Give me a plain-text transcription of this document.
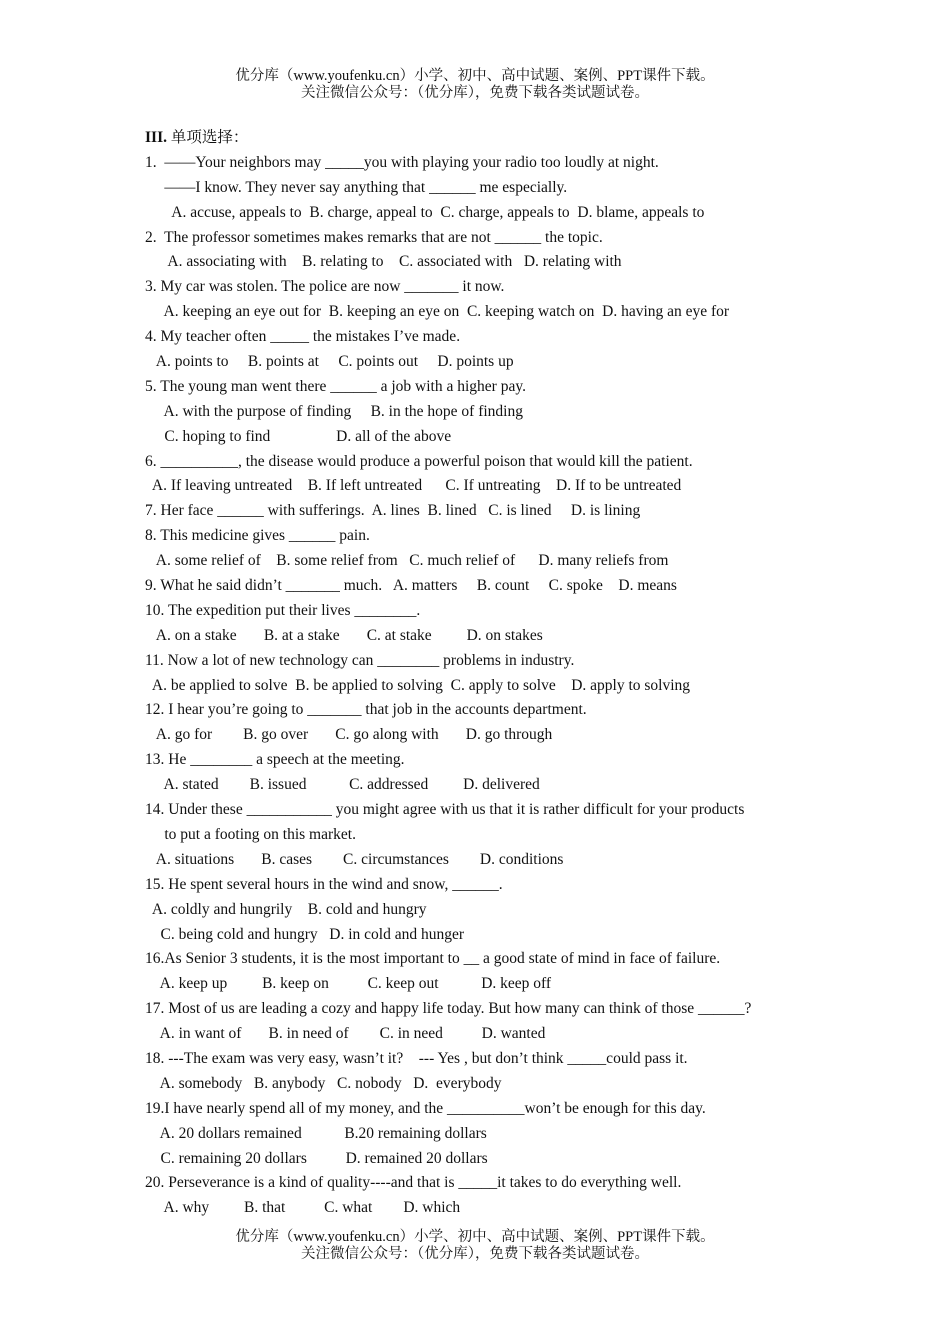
优分库（www.youfenku.cn）小学、初中、高中试题、案例、PPT课件下载。
关注微信公众号：（优分库），免费下载各类试题试卷。
III. 单项选择：
1.  ——Your neighbors may _____you with playing your radio too loudly at night.
——I know. They never say anything that ______ me especially.
A. accuse, appeals to  B. charge, appeal to  C. charge, appeals to  D. blame, appeals to
2.  The professor sometimes makes remarks that are not ______ the topic.
A. associating with    B. relating to    C. associated with   D. relating with
3. My car was stolen. The police are now _______ it now.
A. keeping an eye out for  B. keeping an eye on  C. keeping watch on  D. having an eye for
4. My teacher often _____ the mistakes I’ve made.
A. points to     B. points at     C. points out     D. points up
5. The young man went there ______ a job with a higher pay.
A. with the purpose of finding     B. in the hope of finding
C. hoping to find                 D. all of the above
6. __________, the disease would produce a powerful poison that would kill the patient.
A. If leaving untreated    B. If left untreated      C. If untreating    D. If to be untreated
7. Her face ______ with sufferings.  A. lines  B. lined   C. is lined     D. is lining
8. This medicine gives ______ pain.
A. some relief of    B. some relief from   C. much relief of      D. many reliefs from
9. What he said didn’t _______ much.   A. matters     B. count     C. spoke    D. means
10. The expedition put their lives ________.
A. on a stake       B. at a stake       C. at stake         D. on stakes
11. Now a lot of new technology can ________ problems in industry.
A. be applied to solve  B. be applied to solving  C. apply to solve    D. apply to solving
12. I hear you’re going to _______ that job in the accounts department.
A. go for        B. go over       C. go along with       D. go through
13. He ________ a speech at the meeting.
A. stated        B. issued           C. addressed         D. delivered
14. Under these ___________ you might agree with us that it is rather difficult for your products
to put a footing on this market.
A. situations       B. cases        C. circumstances        D. conditions
15. He spent several hours in the wind and snow, ______.
A. coldly and hungrily    B. cold and hungry
C. being cold and hungry   D. in cold and hunger
16.As Senior 3 students, it is the most important to __ a good state of mind in face of failure.
A. keep up         B. keep on          C. keep out           D. keep off
17. Most of us are leading a cozy and happy life today. But how many can think of those ______?
A. in want of       B. in need of        C. in need          D. wanted
18. ---The exam was very easy, wasn’t it?    --- Yes , but don’t think _____could pass it.
A. somebody   B. anybody   C. nobody   D.  everybody
19.I have nearly spend all of my money, and the __________won’t be enough for this day.
A. 20 dollars remained           B.20 remaining dollars
C. remaining 20 dollars          D. remained 20 dollars
20. Perseverance is a kind of quality----and that is _____it takes to do everything well.
A. why         B. that          C. what        D. which
优分库（www.youfenku.cn）小学、初中、高中试题、案例、PPT课件下载。
关注微信公众号：（优分库），免费下载各类试题试卷。
